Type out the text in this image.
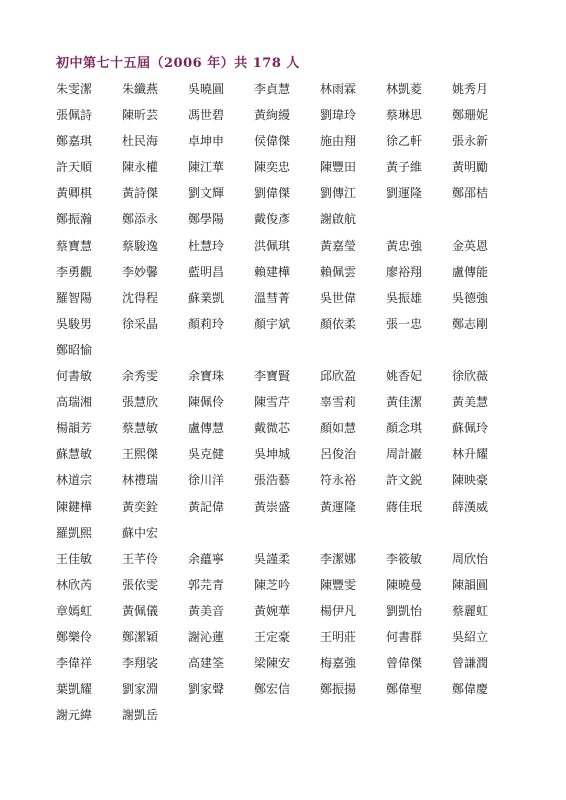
初中第七十五屆（2006 年）共 178 人
朱雯潔	朱纖燕	吳曉圓	李貞慧	林雨霖	林凱菱	姚秀月
張佩詩	陳昕芸	馮世碧	黃絢縵	劉瑋玲	蔡琳思	鄭珊妮
鄭嘉琪	杜民海	卓坤申	侯偉傑	施由翔	徐乙軒	張永新
許天順	陳永權	陳江華	陳奕忠	陳豐田	黃子維	黃明勵
黃卿棋	黃詩傑	劉文輝	劉偉傑	劉傳江	劉運隆	鄭邵桔
鄭振瀚	鄭添永	鄭學陽	戴俊彥	謝啟航
蔡寶慧	蔡駿逸	杜慧玲	洪佩琪	黃嘉瑩	黃忠強	金英恩
李勇觀	李妙馨	藍明昌	賴建樺	賴佩雲	廖裕翔	盧傳能
羅智陽	沈得程	蘇業凱	溫彗菁	吳世偉	吳振雄	吳德強
吳駿男	徐采晶	顏莉玲	顏宇斌	顏依柔	張一忠	鄭志剛
鄭昭愉
何書敏	余秀雯	余寶珠	李寶賢	邱欣盈	姚香妃	徐欣薇
高瑞湘	張慧欣	陳佩伶	陳雪芹	辜雪莉	黃佳潔	黃美慧
楊韻芳	蔡慧敏	盧傳慧	戴微芯	顏如慧	顏念琪	蘇佩玲
蘇慧敏	王熙傑	吳克健	吳坤城	呂俊治	周計巖	林升耀
林道宗	林禮瑞	徐川洋	張浩藝	符永裕	許文鋭	陳映豪
陳鍵樺	黃奕銓	黃記偉	黃崇盛	黃運隆	蔣佳珉	薛漢威
羅凱熙	蘇中宏
王佳敏	王芊伶	余蘊寧	吳謹柔	李潔娜	李筱敏	周欣怡
林欣芮	張依雯	郭芫青	陳芝吟	陳豐雯	陳曉曼	陳韻圓
章嫣虹	黃佩儀	黃美音	黃婉華	楊伊凡	劉凱怡	蔡麗虹
鄭樂伶	鄭潔穎	謝沁蓮	王定豪	王明莊	何書群	吳紹立
李偉祥	李翔裟	高建筌	梁陳安	梅嘉強	曾偉傑	曾謙潤
葉凱耀	劉家淵	劉家聲	鄭宏信	鄭振揚	鄭偉聖	鄭偉慶
謝元緯	謝凱岳
